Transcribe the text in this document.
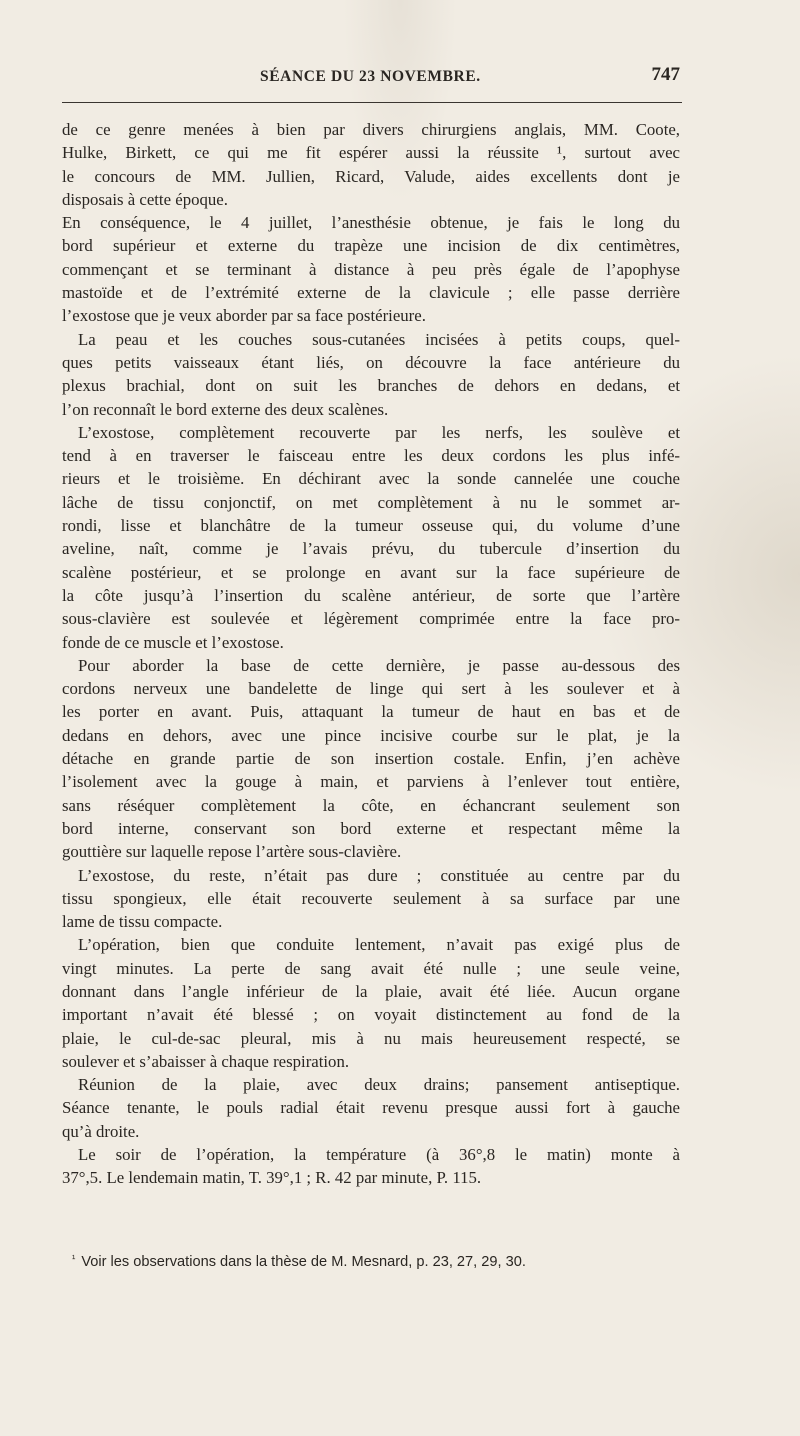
SÉANCE DU 23 NOVEMBRE.	747
de ce genre menées à bien par divers chirurgiens anglais, MM. Coote,
Hulke, Birkett, ce qui me fit espérer aussi la réussite ¹, surtout avec
le concours de MM. Jullien, Ricard, Valude, aides excellents dont je
disposais à cette époque.
En conséquence, le 4 juillet, l’anesthésie obtenue, je fais le long du
bord supérieur et externe du trapèze une incision de dix centimètres,
commençant et se terminant à distance à peu près égale de l’apophyse
mastoïde et de l’extrémité externe de la clavicule ; elle passe derrière
l’exostose que je veux aborder par sa face postérieure.
La peau et les couches sous-cutanées incisées à petits coups, quel-
ques petits vaisseaux étant liés, on découvre la face antérieure du
plexus brachial, dont on suit les branches de dehors en dedans, et
l’on reconnaît le bord externe des deux scalènes.
L’exostose, complètement recouverte par les nerfs, les soulève et
tend à en traverser le faisceau entre les deux cordons les plus infé-
rieurs et le troisième. En déchirant avec la sonde cannelée une couche
lâche de tissu conjonctif, on met complètement à nu le sommet ar-
rondi, lisse et blanchâtre de la tumeur osseuse qui, du volume d’une
aveline, naît, comme je l’avais prévu, du tubercule d’insertion du
scalène postérieur, et se prolonge en avant sur la face supérieure de
la côte jusqu’à l’insertion du scalène antérieur, de sorte que l’artère
sous-clavière est soulevée et légèrement comprimée entre la face pro-
fonde de ce muscle et l’exostose.
Pour aborder la base de cette dernière, je passe au-dessous des
cordons nerveux une bandelette de linge qui sert à les soulever et à
les porter en avant. Puis, attaquant la tumeur de haut en bas et de
dedans en dehors, avec une pince incisive courbe sur le plat, je la
détache en grande partie de son insertion costale. Enfin, j’en achève
l’isolement avec la gouge à main, et parviens à l’enlever tout entière,
sans réséquer complètement la côte, en échancrant seulement son
bord interne, conservant son bord externe et respectant même la
gouttière sur laquelle repose l’artère sous-clavière.
L’exostose, du reste, n’était pas dure ; constituée au centre par du
tissu spongieux, elle était recouverte seulement à sa surface par une
lame de tissu compacte.
L’opération, bien que conduite lentement, n’avait pas exigé plus de
vingt minutes. La perte de sang avait été nulle ; une seule veine,
donnant dans l’angle inférieur de la plaie, avait été liée. Aucun organe
important n’avait été blessé ; on voyait distinctement au fond de la
plaie, le cul-de-sac pleural, mis à nu mais heureusement respecté, se
soulever et s’abaisser à chaque respiration.
Réunion de la plaie, avec deux drains; pansement antiseptique.
Séance tenante, le pouls radial était revenu presque aussi fort à gauche
qu’à droite.
Le soir de l’opération, la température (à 36°,8 le matin) monte à
37°,5. Le lendemain matin, T. 39°,1 ; R. 42 par minute, P. 115.
$^{^1}$ Voir les observations dans la thèse de M. Mesnard, p. 23, 27, 29, 30.
